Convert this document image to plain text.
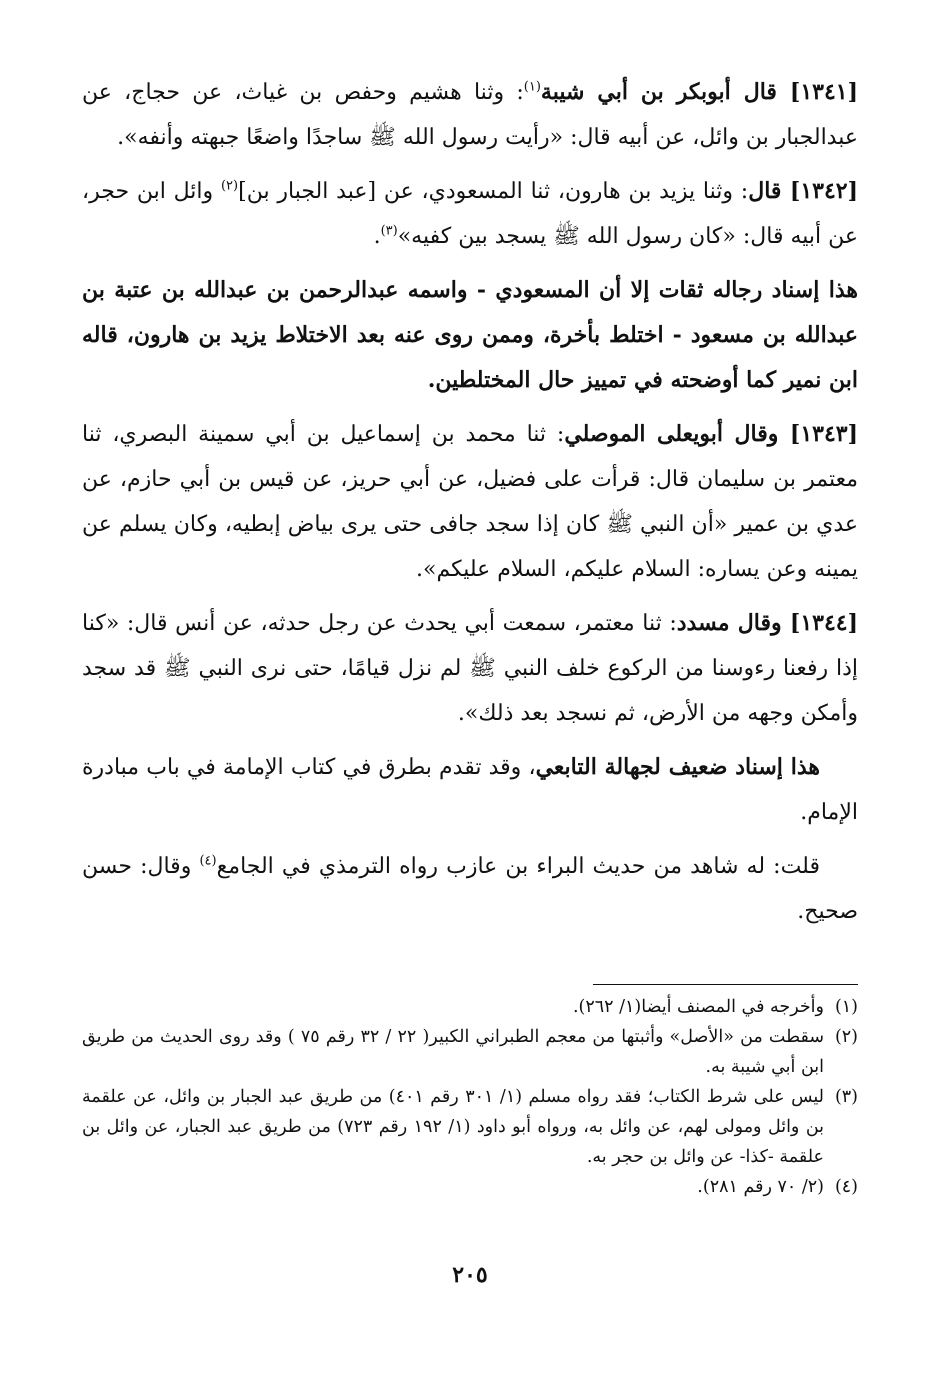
[١٣٤١] قال أبوبكر بن أبي شيبة$^{(١)}$: وثنا هشيم وحفص بن غياث، عن حجاج، عن عبدالجبار بن وائل، عن أبيه قال: «رأيت رسول الله ﷺ ساجدًا واضعًا جبهته وأنفه».

[١٣٤٢] قال: وثنا يزيد بن هارون، ثنا المسعودي، عن [عبد الجبار بن]$^{(٢)}$ وائل ابن حجر، عن أبيه قال: «كان رسول الله ﷺ يسجد بين كفيه»$^{(٣)}$.

هذا إسناد رجاله ثقات إلا أن المسعودي - واسمه عبدالرحمن بن عبدالله بن عتبة بن عبدالله بن مسعود - اختلط بأخرة، وممن روى عنه بعد الاختلاط يزيد بن هارون، قاله ابن نمير كما أوضحته في تمييز حال المختلطين.

[١٣٤٣] وقال أبويعلى الموصلي: ثنا محمد بن إسماعيل بن أبي سمينة البصري، ثنا معتمر بن سليمان قال: قرأت على فضيل، عن أبي حريز، عن قيس بن أبي حازم، عن عدي بن عمير «أن النبي ﷺ كان إذا سجد جافى حتى يرى بياض إبطيه، وكان يسلم عن يمينه وعن يساره: السلام عليكم، السلام عليكم».

[١٣٤٤] وقال مسدد: ثنا معتمر، سمعت أبي يحدث عن رجل حدثه، عن أنس قال: «كنا إذا رفعنا رءوسنا من الركوع خلف النبي ﷺ لم نزل قيامًا، حتى نرى النبي ﷺ قد سجد وأمكن وجهه من الأرض، ثم نسجد بعد ذلك».

هذا إسناد ضعيف لجهالة التابعي، وقد تقدم بطرق في كتاب الإمامة في باب مبادرة الإمام.

قلت: له شاهد من حديث البراء بن عازب رواه الترمذي في الجامع$^{(٤)}$ وقال: حسن صحيح.

(١)
وأخرجه في المصنف أيضا(١/ ٢٦٢).

(٢)
سقطت من «الأصل» وأثبتها من معجم الطبراني الكبير( ٢٢ / ٣٢ رقم ٧٥ ) وقد روى الحديث من طريق ابن أبي شيبة به.

(٣)
ليس على شرط الكتاب؛ فقد رواه مسلم (١/ ٣٠١ رقم ٤٠١) من طريق عبد الجبار بن وائل، عن علقمة بن وائل ومولى لهم، عن وائل به، ورواه أبو داود (١/ ١٩٢ رقم ٧٢٣) من طريق عبد الجبار، عن وائل بن علقمة -كذا- عن وائل بن حجر به.

(٤)
(٢/ ٧٠ رقم ٢٨١).

٢٠٥
